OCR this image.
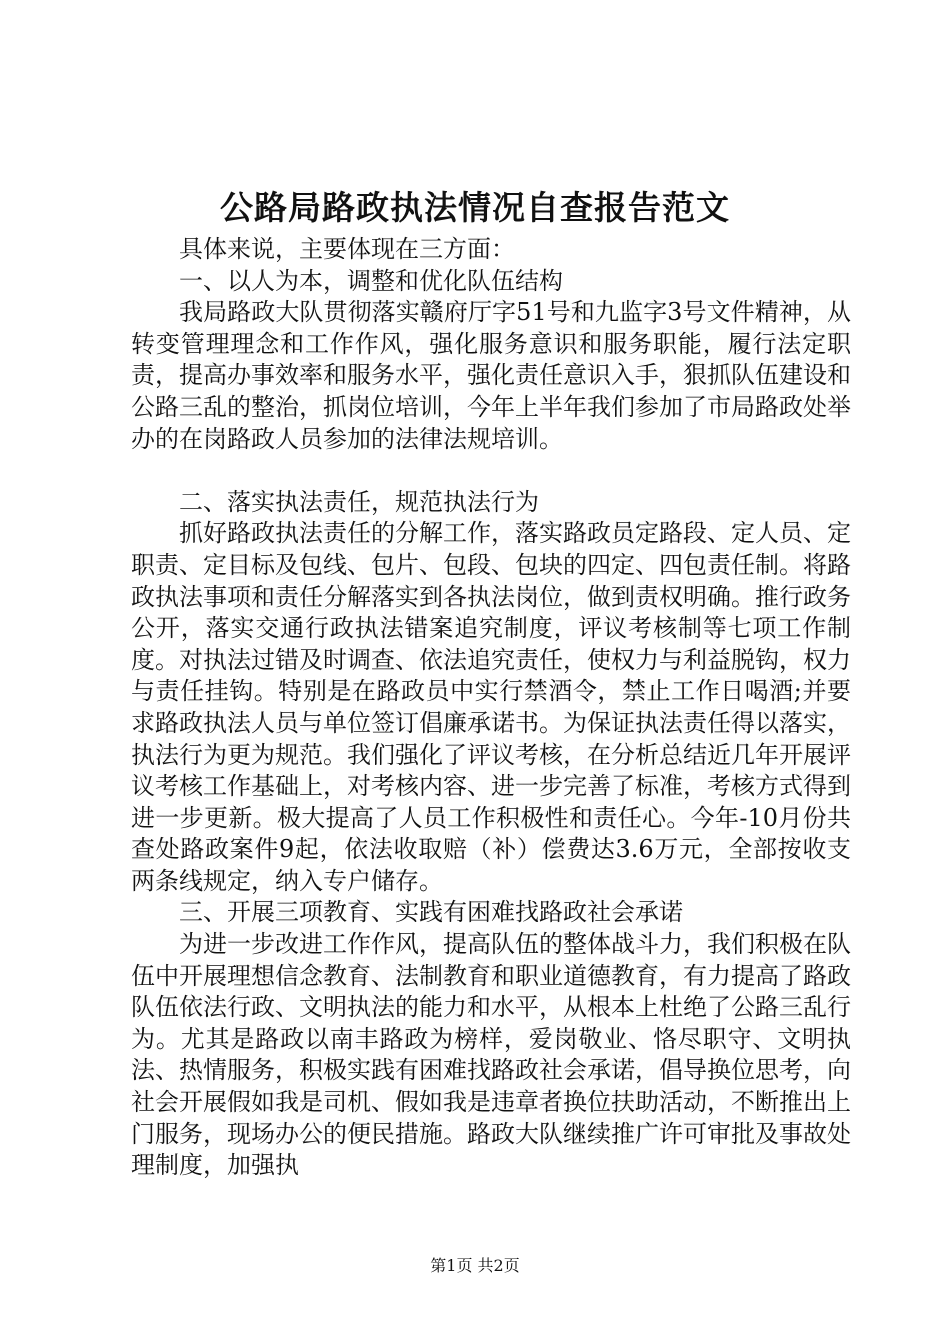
公路局路政执法情况自查报告范文

具体来说，主要体现在三方面：

一、以人为本，调整和优化队伍结构

我局路政大队贯彻落实赣府厅字51号和九监字3号文件精神，从转变管理理念和工作作风，强化服务意识和服务职能，履行法定职责，提高办事效率和服务水平，强化责任意识入手，狠抓队伍建设和公路三乱的整治，抓岗位培训，今年上半年我们参加了市局路政处举办的在岗路政人员参加的法律法规培训。

二、落实执法责任，规范执法行为

抓好路政执法责任的分解工作，落实路政员定路段、定人员、定职责、定目标及包线、包片、包段、包块的四定、四包责任制。将路政执法事项和责任分解落实到各执法岗位，做到责权明确。推行政务公开，落实交通行政执法错案追究制度，评议考核制等七项工作制度。对执法过错及时调查、依法追究责任，使权力与利益脱钩，权力与责任挂钩。特别是在路政员中实行禁酒令，禁止工作日喝酒;并要求路政执法人员与单位签订倡廉承诺书。为保证执法责任得以落实，执法行为更为规范。我们强化了评议考核，在分析总结近几年开展评议考核工作基础上，对考核内容、进一步完善了标准，考核方式得到进一步更新。极大提高了人员工作积极性和责任心。今年-10月份共查处路政案件9起，依法收取赔（补）偿费达3.6万元，全部按收支两条线规定，纳入专户储存。

三、开展三项教育、实践有困难找路政社会承诺

为进一步改进工作作风，提高队伍的整体战斗力，我们积极在队伍中开展理想信念教育、法制教育和职业道德教育，有力提高了路政队伍依法行政、文明执法的能力和水平，从根本上杜绝了公路三乱行为。尤其是路政以南丰路政为榜样，爱岗敬业、恪尽职守、文明执法、热情服务，积极实践有困难找路政社会承诺，倡导换位思考，向社会开展假如我是司机、假如我是违章者换位扶助活动，不断推出上门服务，现场办公的便民措施。路政大队继续推广许可审批及事故处理制度，加强执

第1页 共2页
